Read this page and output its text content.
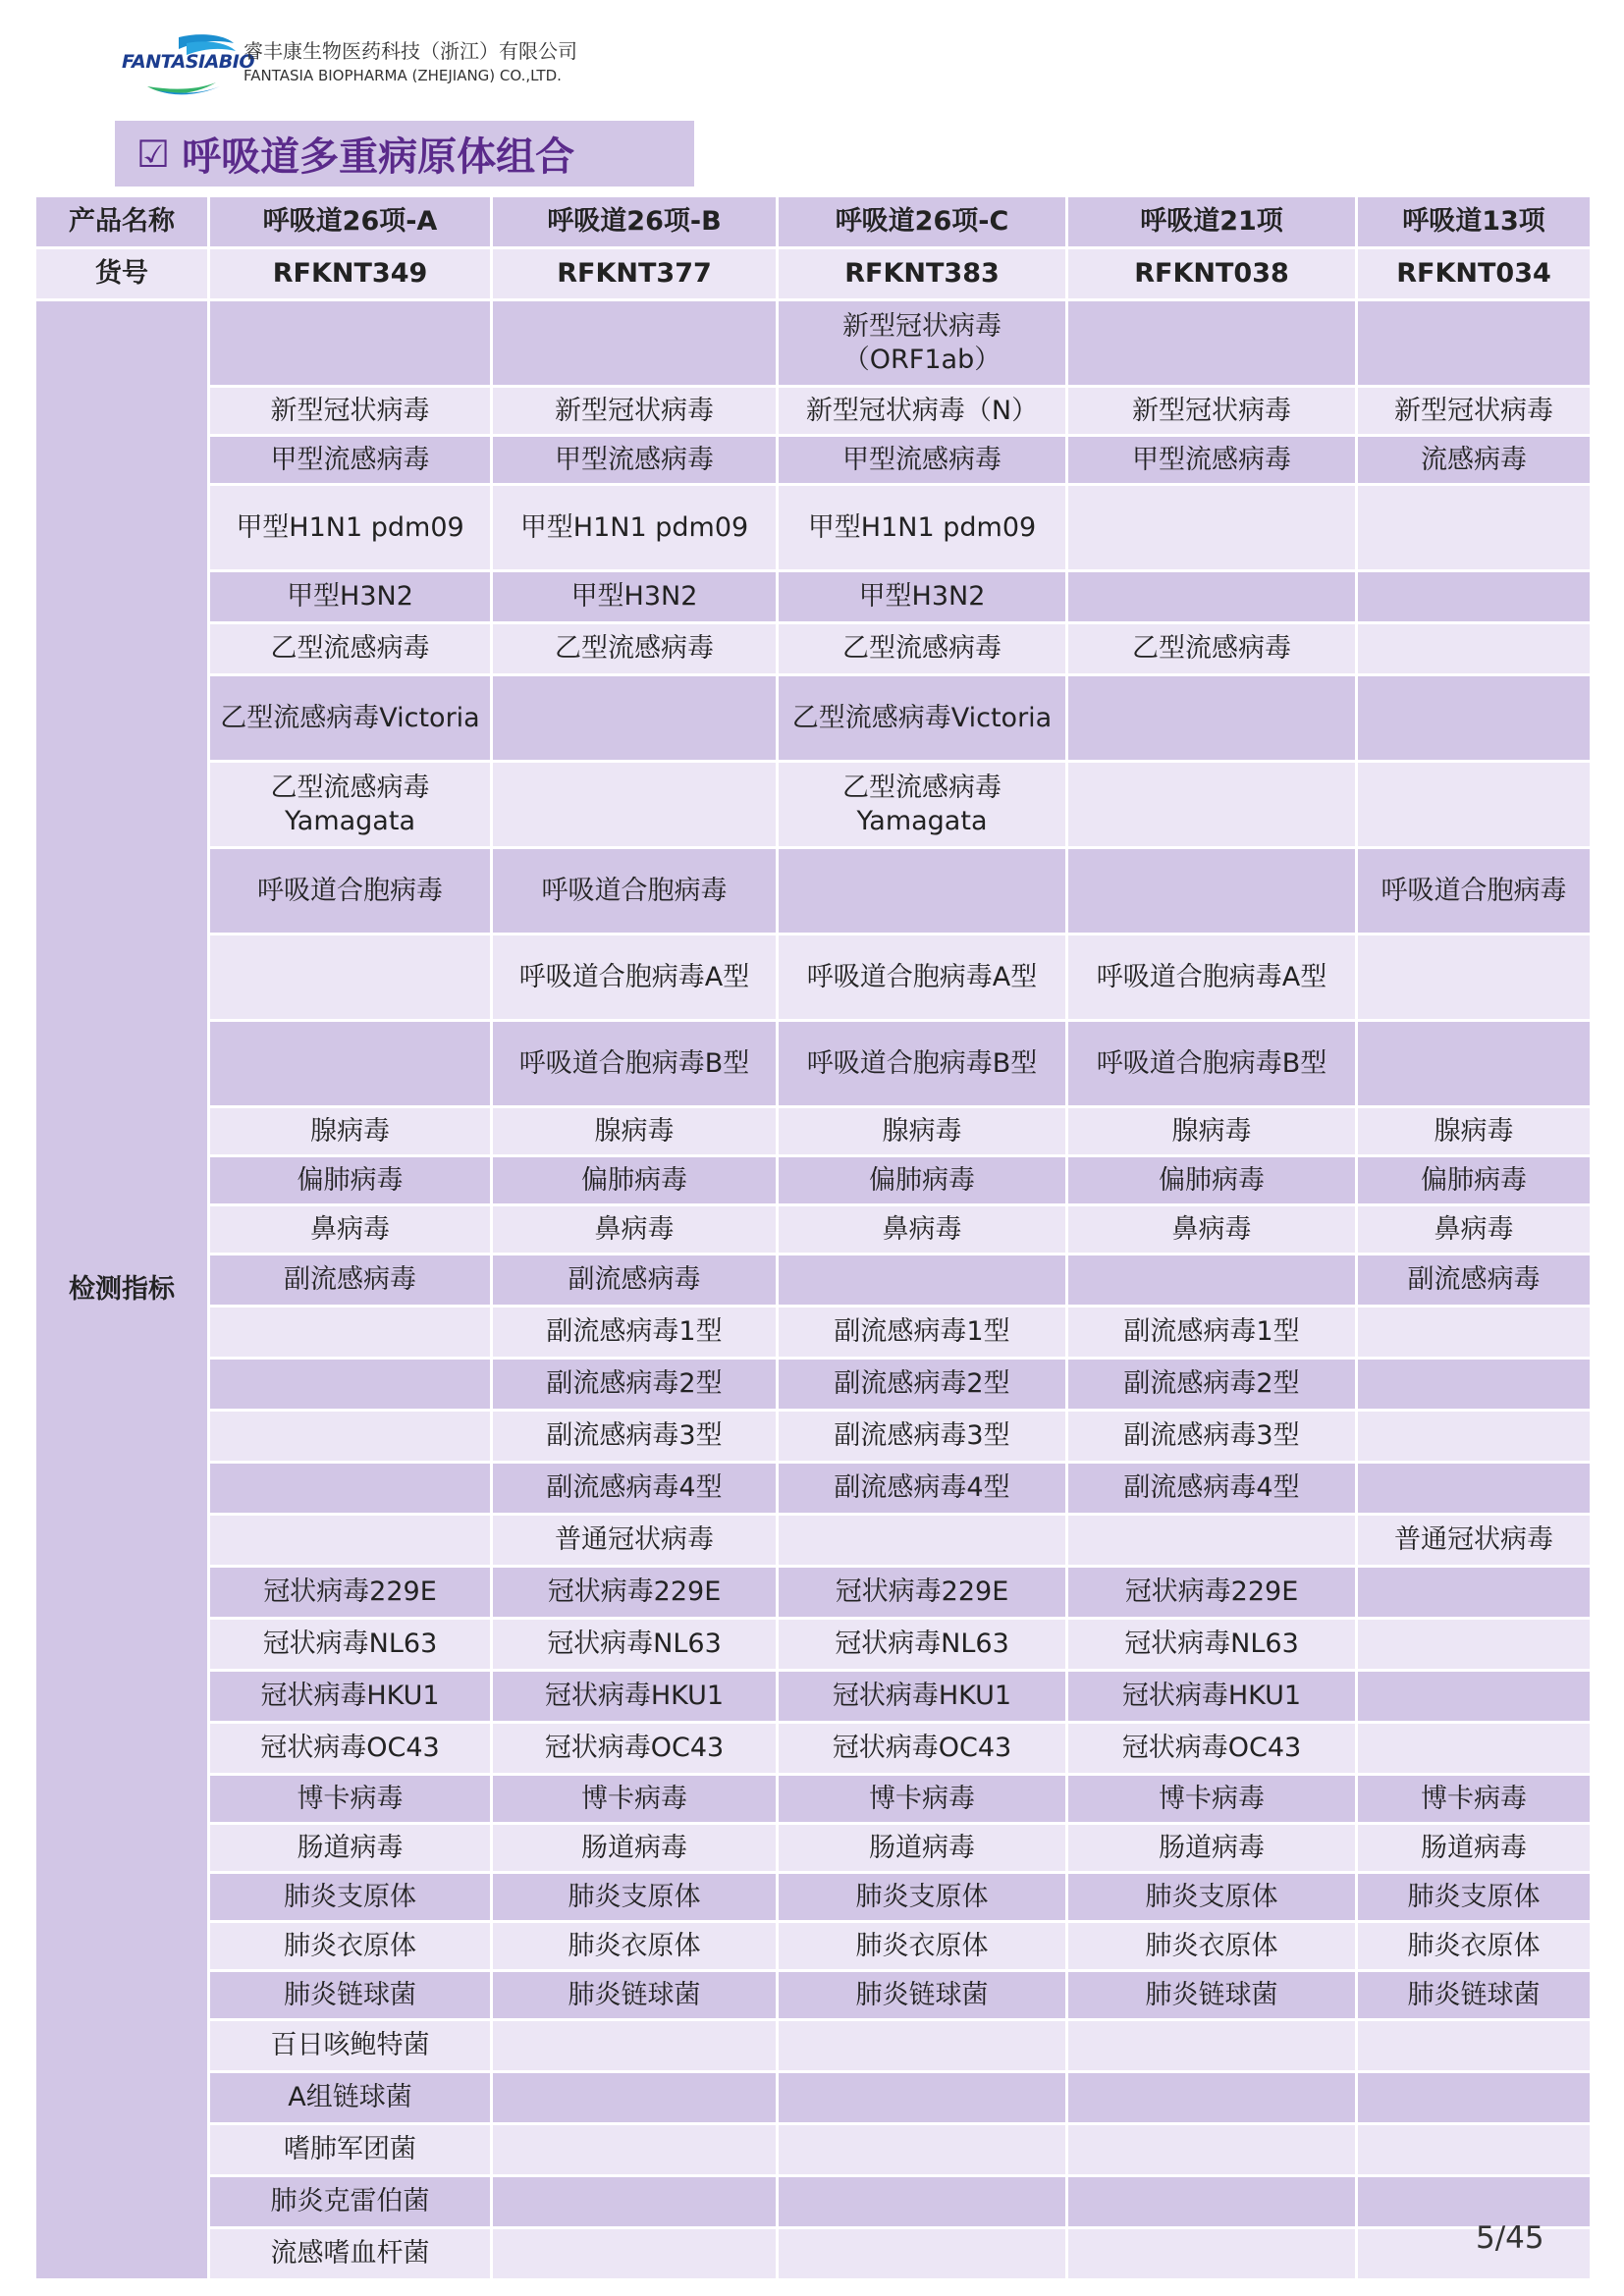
FANTASIABIO
睿丰康生物医药科技（浙江）有限公司
FANTASIA BIOPHARMA (ZHEJIANG) CO.,LTD.
☑ 呼吸道多重病原体组合
产品名称	呼吸道26项-A	呼吸道26项-B	呼吸道26项-C	呼吸道21项	呼吸道13项
货号	RFKNT349	RFKNT377	RFKNT383	RFKNT038	RFKNT034
检测指标			新型冠状病毒（ORF1ab）		
	新型冠状病毒	新型冠状病毒	新型冠状病毒（N）	新型冠状病毒	新型冠状病毒
	甲型流感病毒	甲型流感病毒	甲型流感病毒	甲型流感病毒	流感病毒
	甲型H1N1 pdm09	甲型H1N1 pdm09	甲型H1N1 pdm09		
	甲型H3N2	甲型H3N2	甲型H3N2		
	乙型流感病毒	乙型流感病毒	乙型流感病毒	乙型流感病毒	
	乙型流感病毒Victoria		乙型流感病毒Victoria		
	乙型流感病毒Yamagata		乙型流感病毒Yamagata		
	呼吸道合胞病毒	呼吸道合胞病毒			呼吸道合胞病毒
		呼吸道合胞病毒A型	呼吸道合胞病毒A型	呼吸道合胞病毒A型	
		呼吸道合胞病毒B型	呼吸道合胞病毒B型	呼吸道合胞病毒B型	
	腺病毒	腺病毒	腺病毒	腺病毒	腺病毒
	偏肺病毒	偏肺病毒	偏肺病毒	偏肺病毒	偏肺病毒
	鼻病毒	鼻病毒	鼻病毒	鼻病毒	鼻病毒
	副流感病毒	副流感病毒			副流感病毒
		副流感病毒1型	副流感病毒1型	副流感病毒1型	
		副流感病毒2型	副流感病毒2型	副流感病毒2型	
		副流感病毒3型	副流感病毒3型	副流感病毒3型	
		副流感病毒4型	副流感病毒4型	副流感病毒4型	
		普通冠状病毒			普通冠状病毒
	冠状病毒229E	冠状病毒229E	冠状病毒229E	冠状病毒229E	
	冠状病毒NL63	冠状病毒NL63	冠状病毒NL63	冠状病毒NL63	
	冠状病毒HKU1	冠状病毒HKU1	冠状病毒HKU1	冠状病毒HKU1	
	冠状病毒OC43	冠状病毒OC43	冠状病毒OC43	冠状病毒OC43	
	博卡病毒	博卡病毒	博卡病毒	博卡病毒	博卡病毒
	肠道病毒	肠道病毒	肠道病毒	肠道病毒	肠道病毒
	肺炎支原体	肺炎支原体	肺炎支原体	肺炎支原体	肺炎支原体
	肺炎衣原体	肺炎衣原体	肺炎衣原体	肺炎衣原体	肺炎衣原体
	肺炎链球菌	肺炎链球菌	肺炎链球菌	肺炎链球菌	肺炎链球菌
	百日咳鲍特菌				
	A组链球菌				
	嗜肺军团菌				
	肺炎克雷伯菌				
	流感嗜血杆菌					5/45
